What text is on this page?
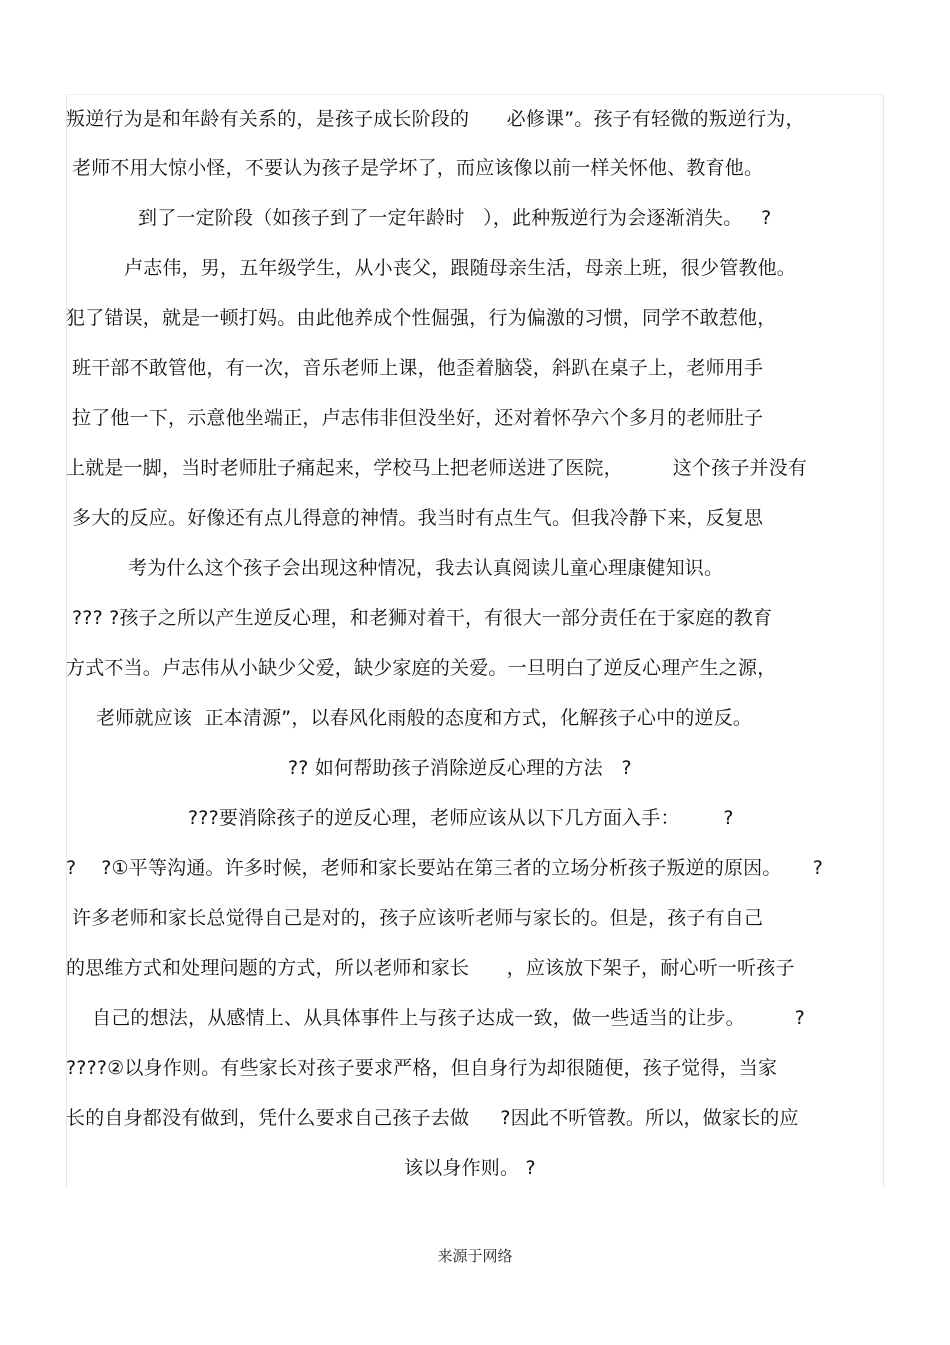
叛逆行为是和年龄有关系的，是孩子成长阶段的      必修课”。孩子有轻微的叛逆行为，
老师不用大惊小怪，不要认为孩子是学坏了，而应该像以前一样关怀他、教育他。
到了一定阶段（如孩子到了一定年龄时   ），此种叛逆行为会逐渐消失。   ?
卢志伟，男，五年级学生，从小丧父，跟随母亲生活，母亲上班，很少管教他。
犯了错误，就是一顿打妈。由此他养成个性倔强，行为偏激的习惯，同学不敢惹他，
班干部不敢管他，有一次，音乐老师上课，他歪着脑袋，斜趴在桌子上，老师用手
拉了他一下，示意他坐端正，卢志伟非但没坐好，还对着怀孕六个多月的老师肚子
上就是一脚，当时老师肚子痛起来，学校马上把老师送进了医院，        这个孩子并没有
多大的反应。好像还有点儿得意的神情。我当时有点生气。但我冷静下来，反复思
考为什么这个孩子会出现这种情况，我去认真阅读儿童心理康健知识。
??? ?孩子之所以产生逆反心理，和老狮对着干，有很大一部分责任在于家庭的教育
方式不当。卢志伟从小缺少父爱，缺少家庭的关爱。一旦明白了逆反心理产生之源，
老师就应该  正本清源”，以春风化雨般的态度和方式，化解孩子心中的逆反。
?? 如何帮助孩子消除逆反心理的方法   ?
???要消除孩子的逆反心理，老师应该从以下几方面入手：       ?
?    ?①平等沟通。许多时候，老师和家长要站在第三者的立场分析孩子叛逆的原因。     ?
许多老师和家长总觉得自己是对的，孩子应该听老师与家长的。但是，孩子有自己
的思维方式和处理问题的方式，所以老师和家长      ，应该放下架子，耐心听一听孩子
自己的想法，从感情上、从具体事件上与孩子达成一致，做一些适当的让步。        ?
????②以身作则。有些家长对孩子要求严格，但自身行为却很随便，孩子觉得，当家
长的自身都没有做到，凭什么要求自己孩子去做     ?因此不听管教。所以，做家长的应
该以身作则。 ?
来源于网络
